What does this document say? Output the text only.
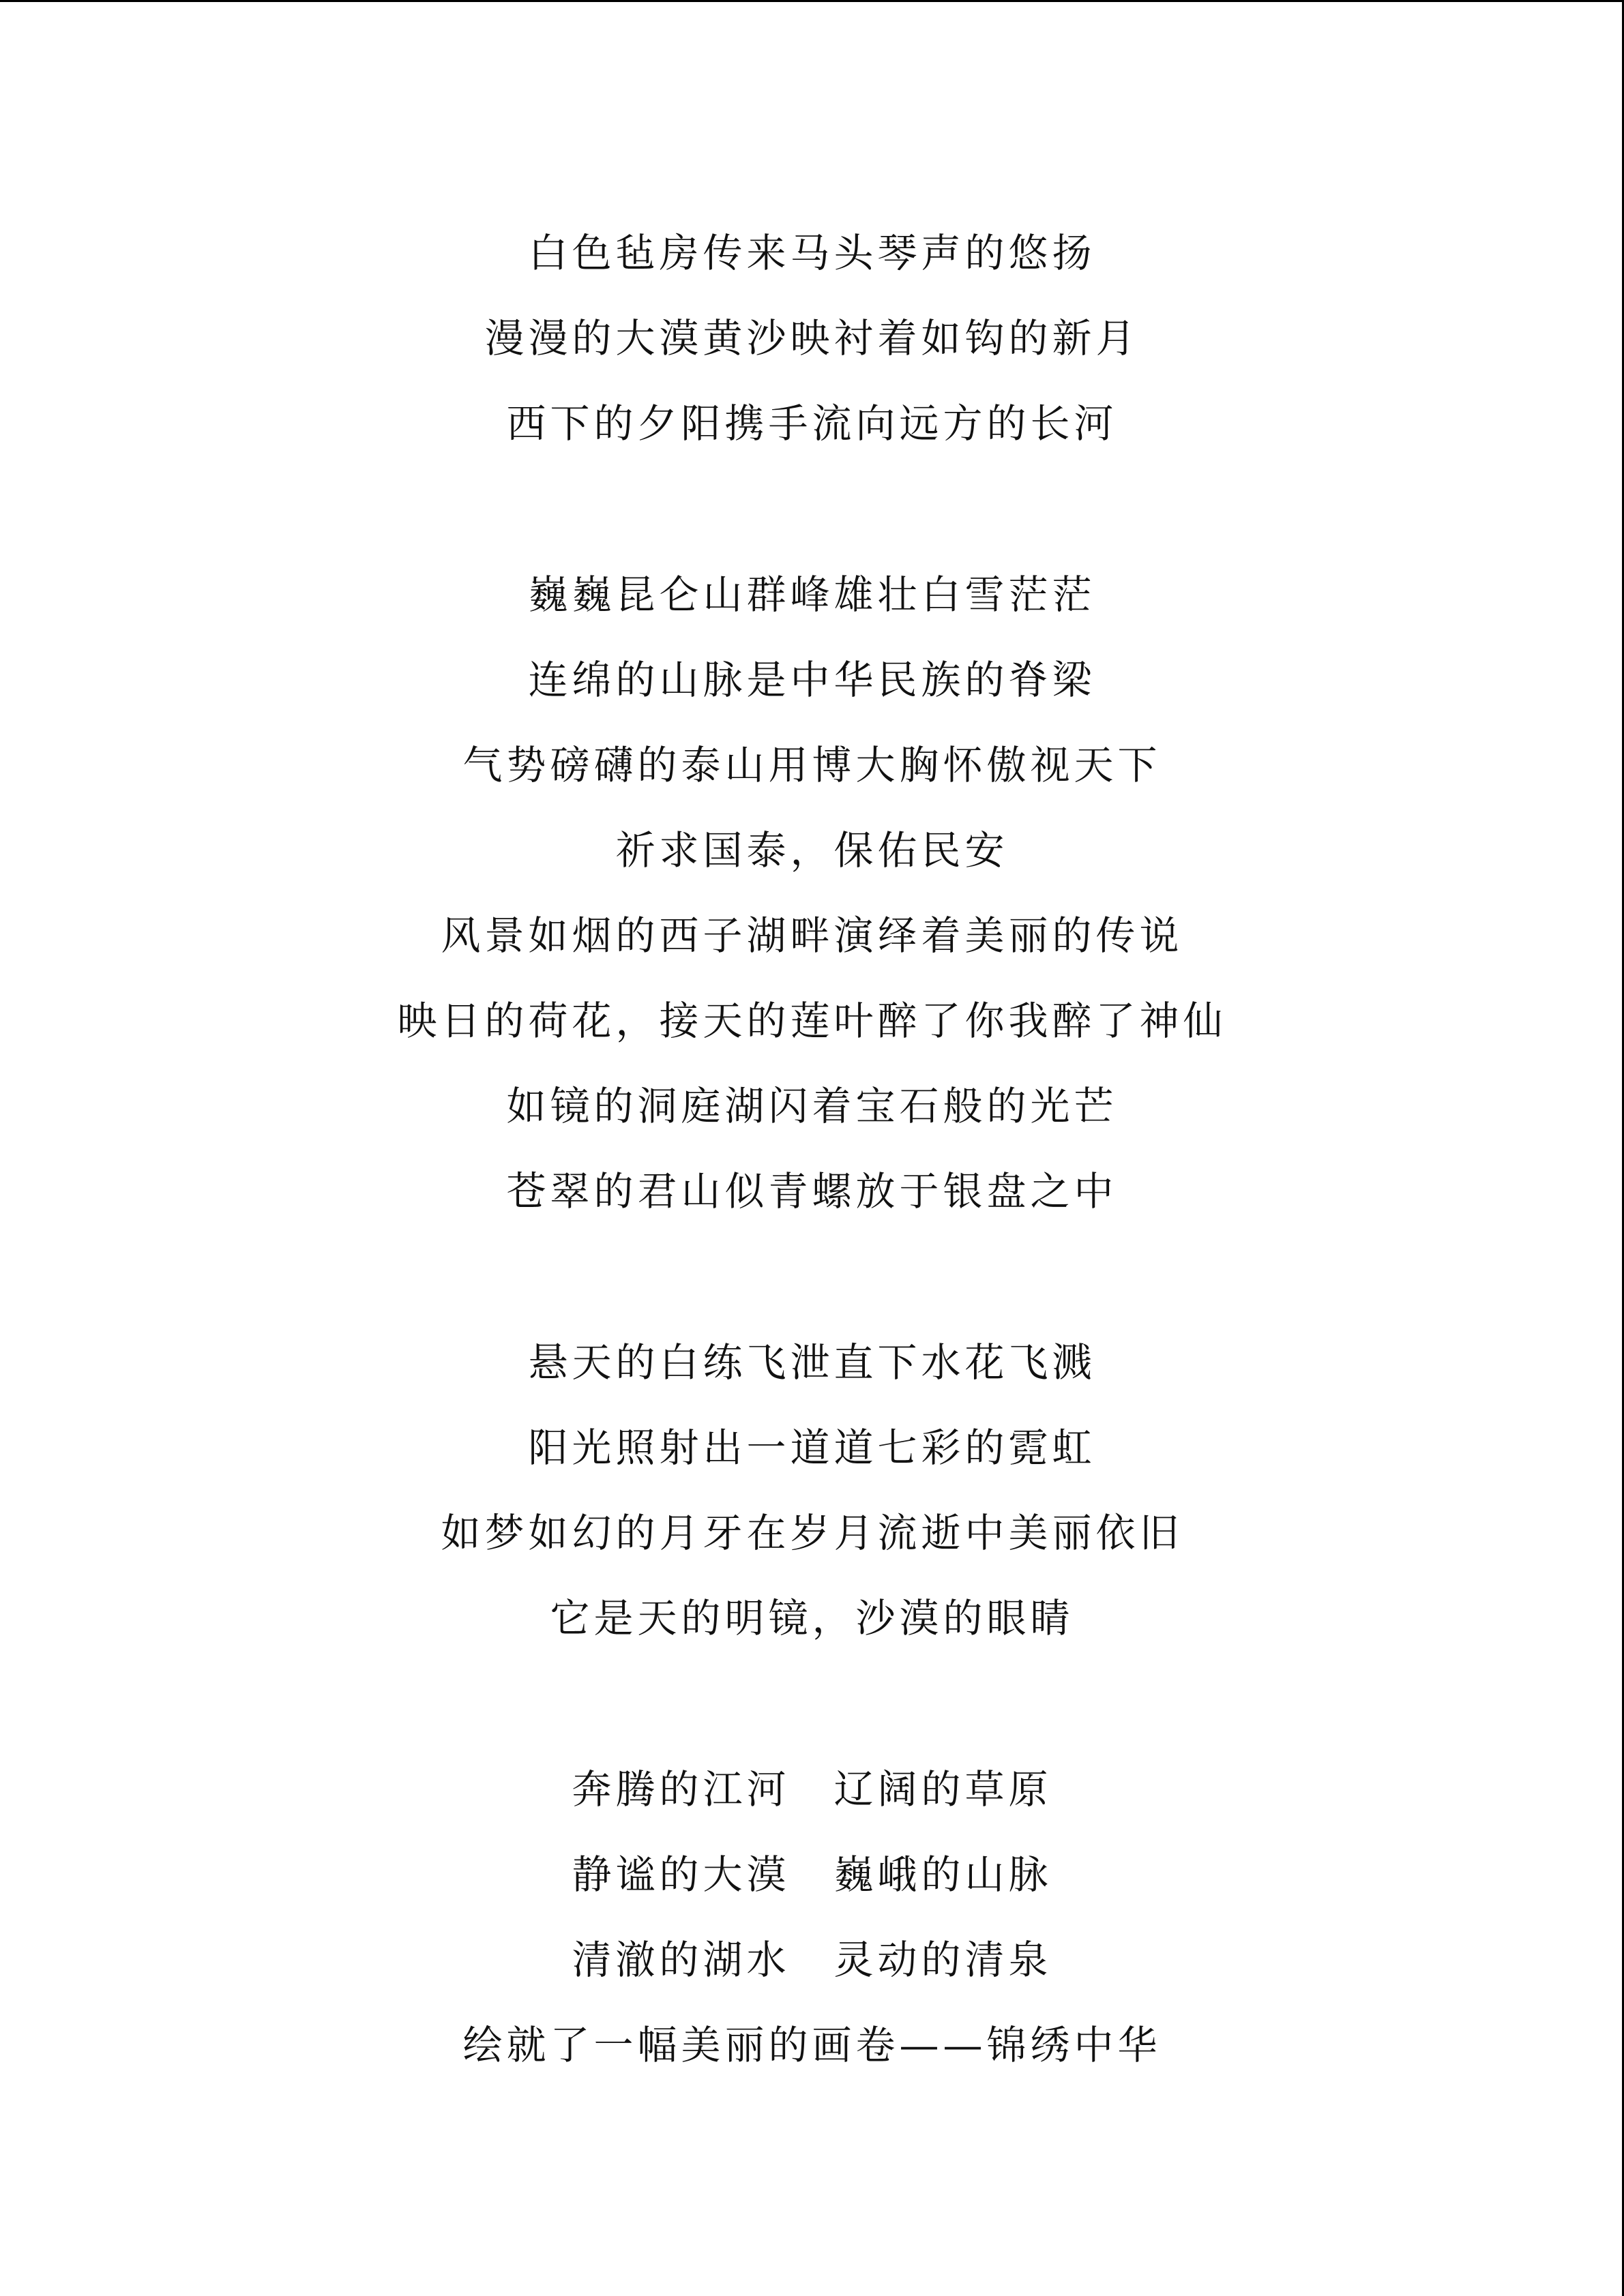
白色毡房传来马头琴声的悠扬
漫漫的大漠黄沙映衬着如钩的新月
西下的夕阳携手流向远方的长河
巍巍昆仑山群峰雄壮白雪茫茫
连绵的山脉是中华民族的脊梁
气势磅礴的泰山用博大胸怀傲视天下
祈求国泰，保佑民安
风景如烟的西子湖畔演绎着美丽的传说
映日的荷花，接天的莲叶醉了你我醉了神仙
如镜的洞庭湖闪着宝石般的光芒
苍翠的君山似青螺放于银盘之中
悬天的白练飞泄直下水花飞溅
阳光照射出一道道七彩的霓虹
如梦如幻的月牙在岁月流逝中美丽依旧
它是天的明镜，沙漠的眼睛
奔腾的江河　辽阔的草原
静谧的大漠　巍峨的山脉
清澈的湖水　灵动的清泉
绘就了一幅美丽的画卷——锦绣中华
